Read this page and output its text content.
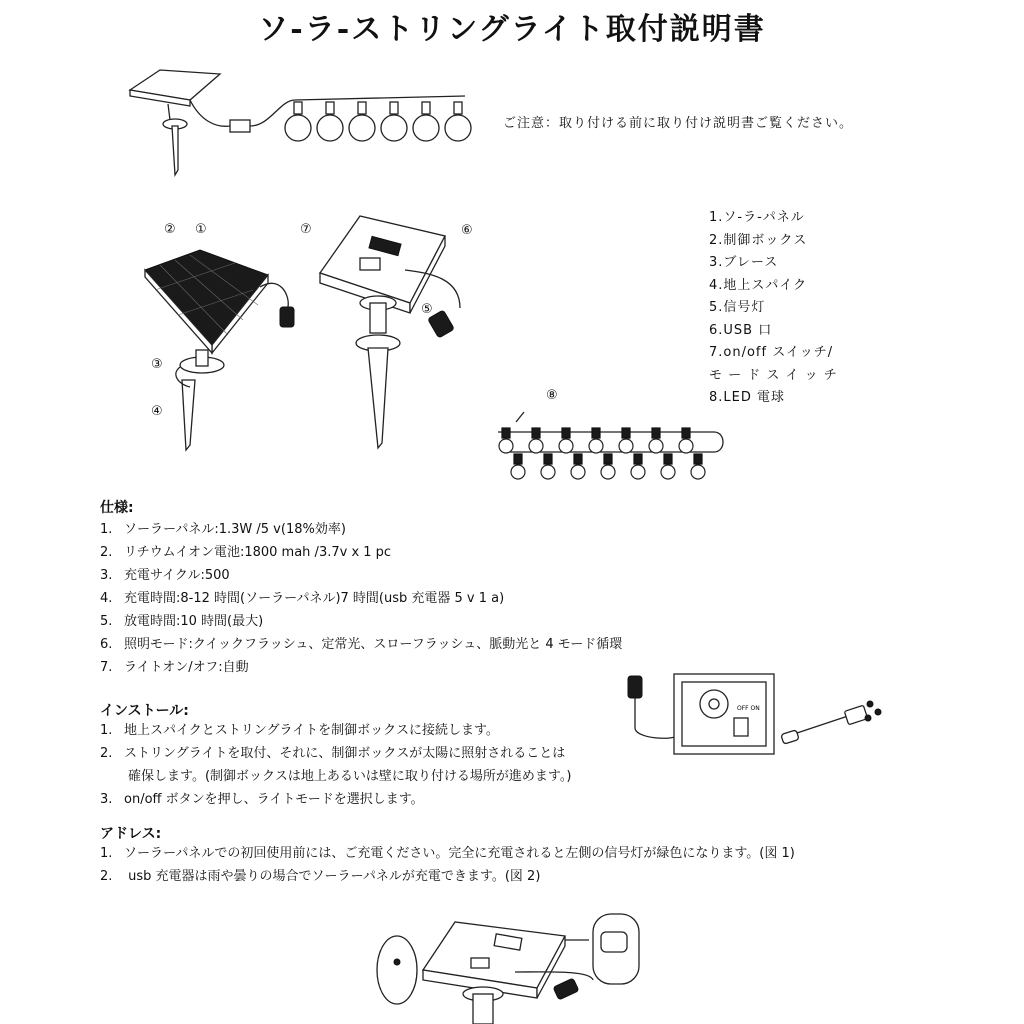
ソ-ラ-ストリングライト取付説明書
ご注意：取り付ける前に取り付け説明書ご覧ください。
② ①
③
④
⑦	⑥
⑤
1.ソ-ラ-パネル
2.制御ボックス
3.ブレース
4.地上スパイク
5.信号灯
6.USB 口
7.on/off スイッチ/
モ ー ド ス イ ッ チ
8.LED 電球
⑧
仕様:
1. ソーラーパネル:1.3W /5 v(18%効率)
2. リチウムイオン電池:1800 mah /3.7v x 1 pc
3. 充電サイクル:500
4. 充電時間:8-12 時間(ソーラーパネル)7 時間(usb 充電器 5 v 1 a)
5. 放電時間:10 時間(最大)
6. 照明モード:クイックフラッシュ、定常光、スローフラッシュ、脈動光と 4 モード循環
7. ライトオン/オフ:自動
OFF ON
インストール:
1. 地上スパイクとストリングライトを制御ボックスに接続します。
2. ストリングライトを取付、それに、制御ボックスが太陽に照射されることは
確保します。(制御ボックスは地上あるいは壁に取り付ける場所が進めます。)
3. on/off ボタンを押し、ライトモードを選択します。
アドレス:
1. ソーラーパネルでの初回使用前には、ご充電ください。完全に充電されると左側の信号灯が緑色になります。(図 1)
2. usb 充電器は雨や曇りの場合でソーラーパネルが充電できます。(図 2)
